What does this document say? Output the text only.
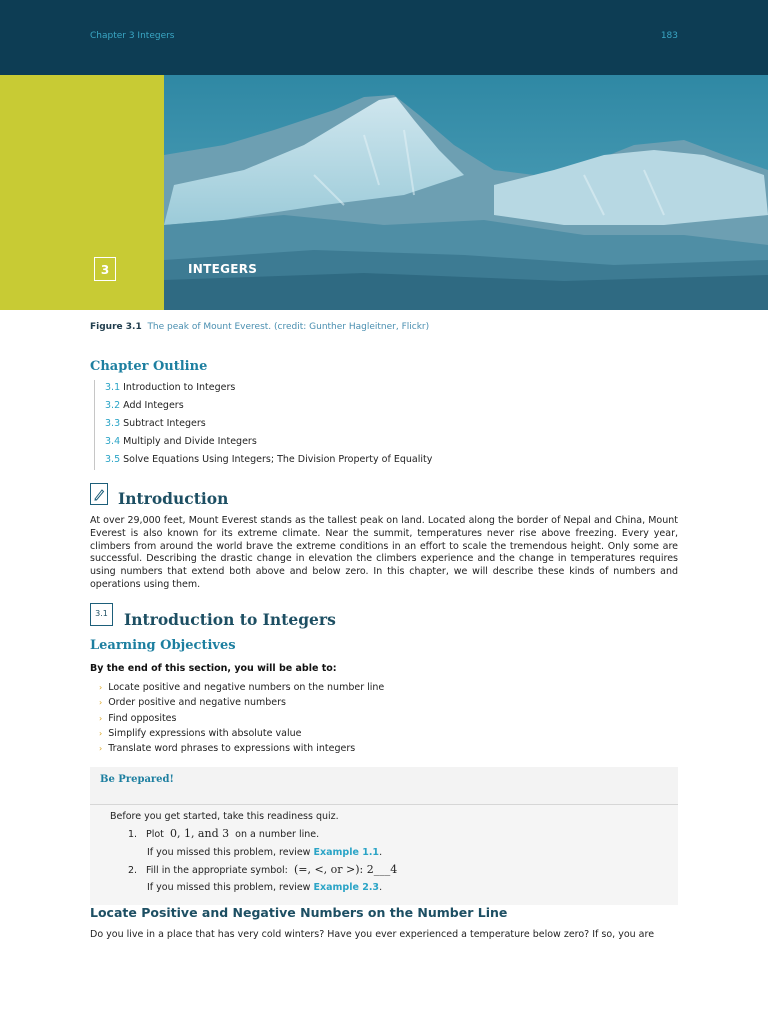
Chapter 3 Integers	183
3	INTEGERS
Figure 3.1 The peak of Mount Everest. (credit: Gunther Hagleitner, Flickr)
Chapter Outline
3.1 Introduction to Integers
3.2 Add Integers
3.3 Subtract Integers
3.4 Multiply and Divide Integers
3.5 Solve Equations Using Integers; The Division Property of Equality
Introduction
At over 29,000 feet, Mount Everest stands as the tallest peak on land. Located along the border of Nepal and China, Mount Everest is also known for its extreme climate. Near the summit, temperatures never rise above freezing. Every year, climbers from around the world brave the extreme conditions in an effort to scale the tremendous height. Only some are successful. Describing the drastic change in elevation the climbers experience and the change in temperatures requires using numbers that extend both above and below zero. In this chapter, we will describe these kinds of numbers and operations using them.
3.1	Introduction to Integers
Learning Objectives
By the end of this section, you will be able to:
› Locate positive and negative numbers on the number line
› Order positive and negative numbers
› Find opposites
› Simplify expressions with absolute value
› Translate word phrases to expressions with integers
Be Prepared!
Before you get started, take this readiness quiz.
1. Plot 0, 1, and 3 on a number line.
If you missed this problem, review Example 1.1.
2. Fill in the appropriate symbol: (=, <, or >): 2___4
If you missed this problem, review Example 2.3.
Locate Positive and Negative Numbers on the Number Line
Do you live in a place that has very cold winters? Have you ever experienced a temperature below zero? If so, you are
